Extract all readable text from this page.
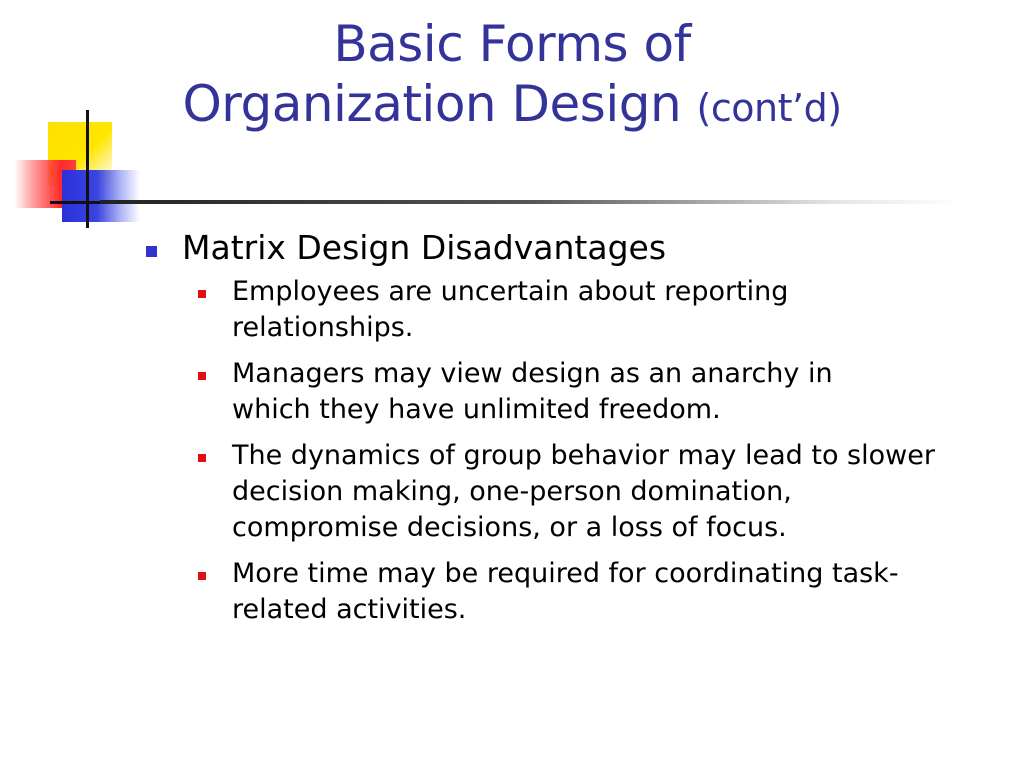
Basic Forms of
Organization Design (cont’d)
Matrix Design Disadvantages
Employees are uncertain about reporting relationships.
Managers may view design as an anarchy in which they have unlimited freedom.
The dynamics of group behavior may lead to slower decision making, one-person domination, compromise decisions, or a loss of focus.
More time may be required for coordinating task-related activities.
